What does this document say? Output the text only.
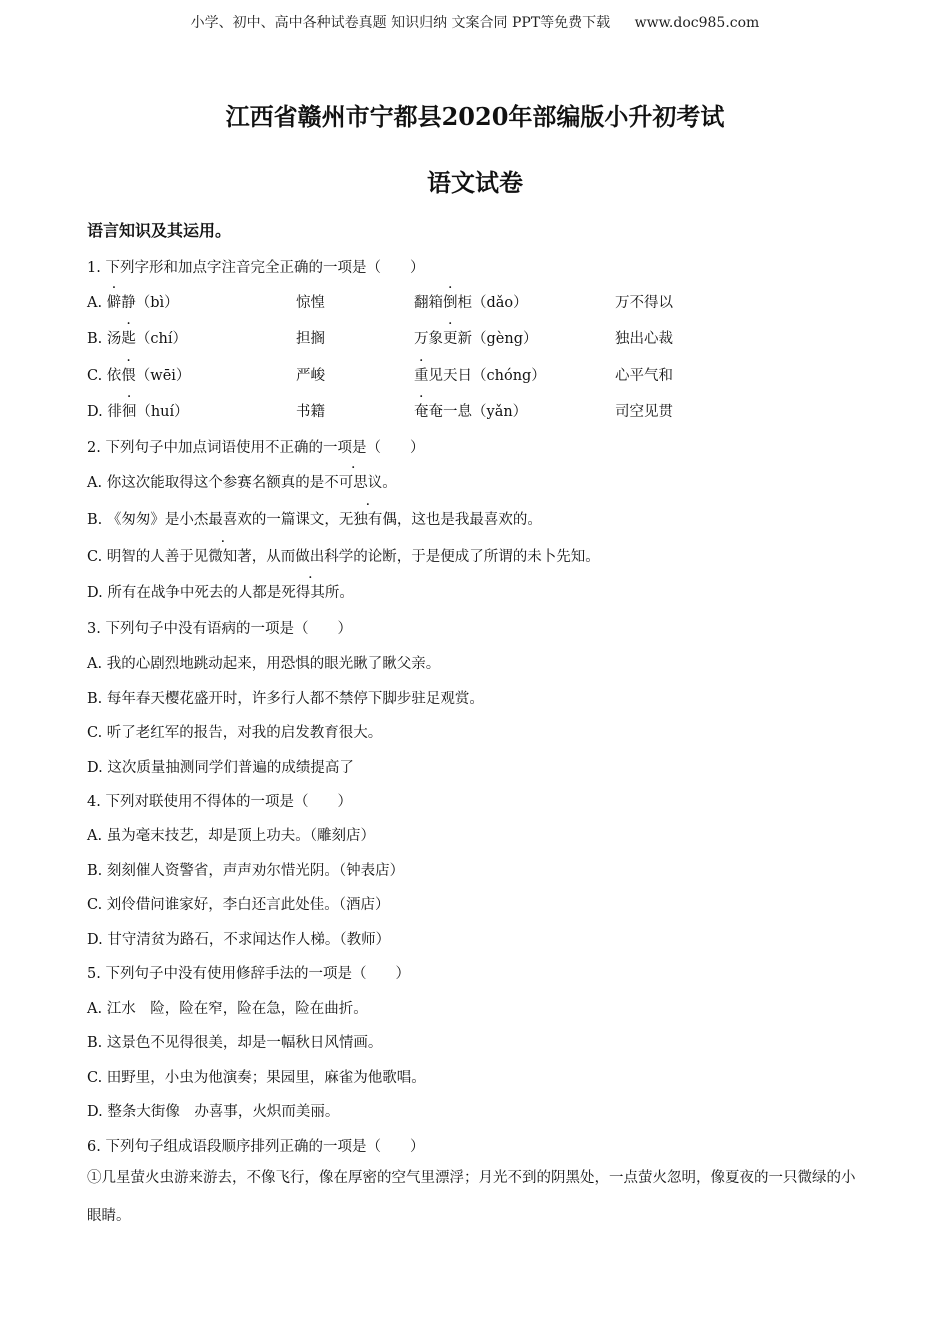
小学、初中、高中各种试卷真题 知识归纳 文案合同 PPT等免费下载 www.doc985.com
江西省赣州市宁都县2020年部编版小升初考试
语文试卷
语言知识及其运用。
1. 下列字形和加点字注音完全正确的一项是（　　）
A. 僻静（bì）	惊惶	翻箱倒柜（dǎo）	万不得以
B. 汤匙（chí）	担搁	万象更新（gèng）	独出心裁
C. 依偎（wēi）	严峻	重见天日（chóng）	心平气和
D. 徘徊（huí）	书籍	奄奄一息（yǎn）	司空见贯
2. 下列句子中加点词语使用不正确的一项是（　　）
A. 你这次能取得这个参赛名额真的是不可思议。
B. 《匆匆》是小杰最喜欢的一篇课文，无独有偶，这也是我最喜欢的。
C. 明智的人善于见微知著，从而做出科学的论断，于是便成了所谓的未卜先知。
D. 所有在战争中死去的人都是死得其所。
3. 下列句子中没有语病的一项是（　　）
A. 我的心剧烈地跳动起来，用恐惧的眼光瞅了瞅父亲。
B. 每年春天樱花盛开时，许多行人都不禁停下脚步驻足观赏。
C. 听了老红军的报告，对我的启发教育很大。
D. 这次质量抽测同学们普遍的成绩提高了
4. 下列对联使用不得体的一项是（　　）
A. 虽为毫末技艺，却是顶上功夫。（雕刻店）
B. 刻刻催人资警省，声声劝尔惜光阴。（钟表店）
C. 刘伶借问谁家好，李白还言此处佳。（酒店）
D. 甘守清贫为路石，不求闻达作人梯。（教师）
5. 下列句子中没有使用修辞手法的一项是（　　）
A. 江水　险，险在窄，险在急，险在曲折。
B. 这景色不见得很美，却是一幅秋日风情画。
C. 田野里，小虫为他演奏；果园里，麻雀为他歌唱。
D. 整条大街像　办喜事，火炽而美丽。
6. 下列句子组成语段顺序排列正确的一项是（　　）
①几星萤火虫游来游去，不像飞行，像在厚密的空气里漂浮；月光不到的阴黑处，一点萤火忽明，像夏夜的一只微绿的小眼睛。
